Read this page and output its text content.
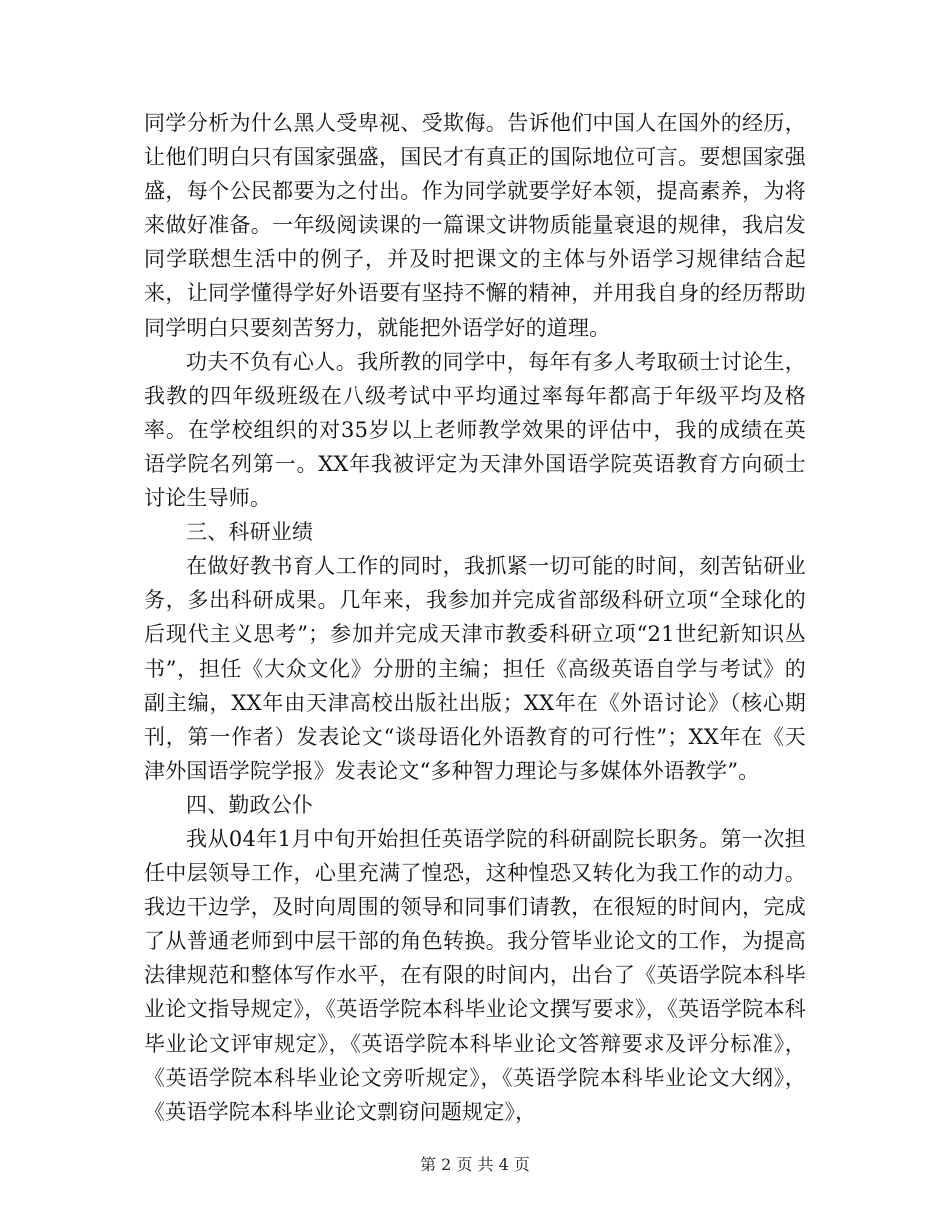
同学分析为什么黑人受卑视、受欺侮。告诉他们中国人在国外的经历，让他们明白只有国家强盛，国民才有真正的国际地位可言。要想国家强盛，每个公民都要为之付出。作为同学就要学好本领，提高素养，为将来做好准备。一年级阅读课的一篇课文讲物质能量衰退的规律，我启发同学联想生活中的例子，并及时把课文的主体与外语学习规律结合起来，让同学懂得学好外语要有坚持不懈的精神，并用我自身的经历帮助同学明白只要刻苦努力，就能把外语学好的道理。

功夫不负有心人。我所教的同学中，每年有多人考取硕士讨论生，我教的四年级班级在八级考试中平均通过率每年都高于年级平均及格率。在学校组织的对35岁以上老师教学效果的评估中，我的成绩在英语学院名列第一。XX年我被评定为天津外国语学院英语教育方向硕士讨论生导师。

三、科研业绩

在做好教书育人工作的同时，我抓紧一切可能的时间，刻苦钻研业务，多出科研成果。几年来，我参加并完成省部级科研立项“全球化的后现代主义思考”；参加并完成天津市教委科研立项“21世纪新知识丛书”，担任《大众文化》分册的主编；担任《高级英语自学与考试》的副主编，XX年由天津高校出版社出版；XX年在《外语讨论》（核心期刊，第一作者）发表论文“谈母语化外语教育的可行性”；XX年在《天津外国语学院学报》发表论文“多种智力理论与多媒体外语教学”。

四、勤政公仆

我从04年1月中旬开始担任英语学院的科研副院长职务。第一次担任中层领导工作，心里充满了惶恐，这种惶恐又转化为我工作的动力。我边干边学，及时向周围的领导和同事们请教，在很短的时间内，完成了从普通老师到中层干部的角色转换。我分管毕业论文的工作，为提高法律规范和整体写作水平，在有限的时间内，出台了《英语学院本科毕业论文指导规定》，《英语学院本科毕业论文撰写要求》，《英语学院本科毕业论文评审规定》，《英语学院本科毕业论文答辩要求及评分标准》，《英语学院本科毕业论文旁听规定》，《英语学院本科毕业论文大纲》，《英语学院本科毕业论文剽窃问题规定》，

第 2 页 共 4 页
